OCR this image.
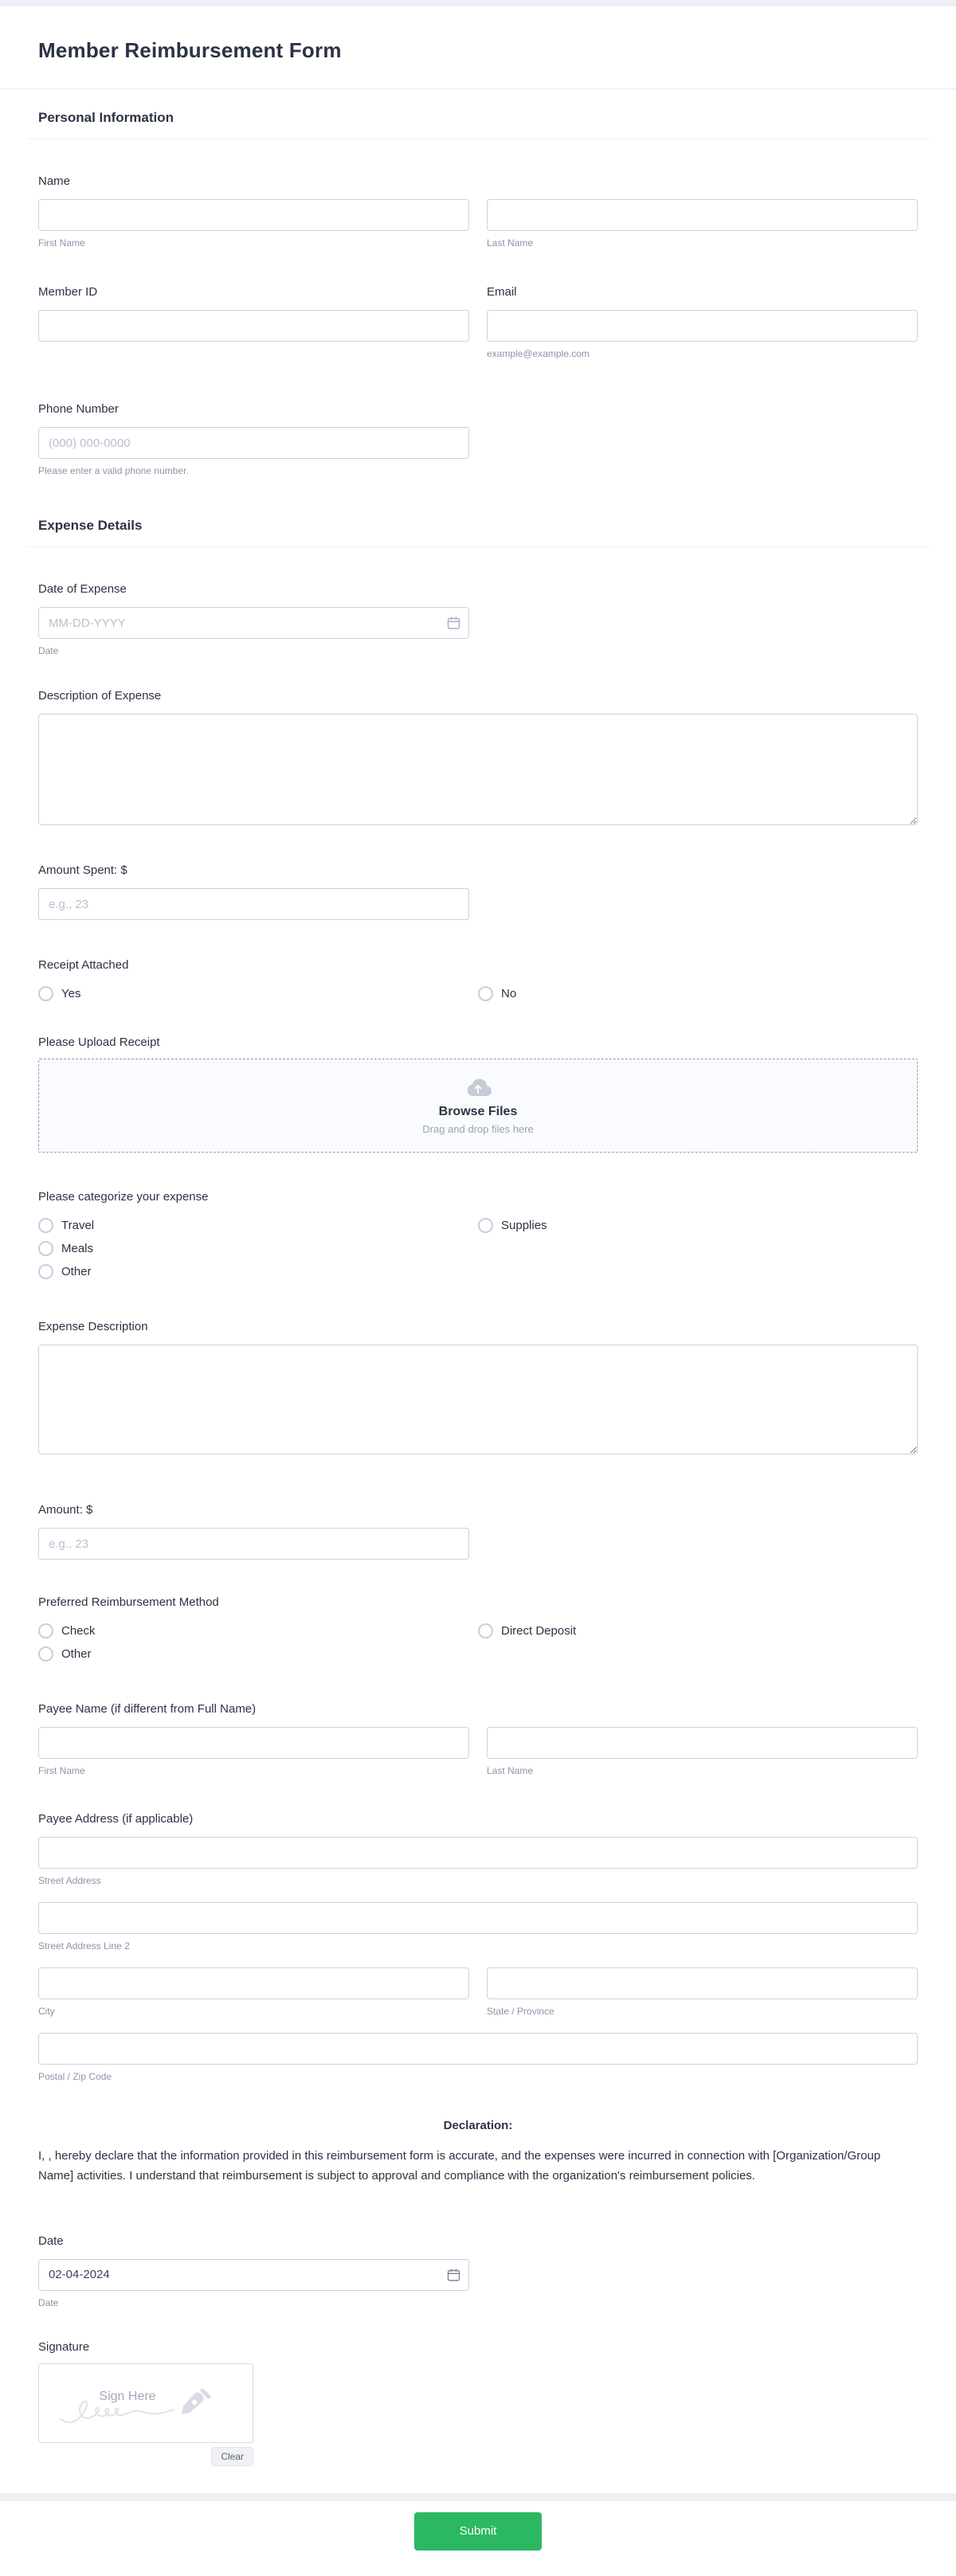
Member Reimbursement Form
Personal Information
Name
First Name	Last Name
Member ID	Email
example@example.com
Phone Number
(000) 000-0000
Please enter a valid phone number.
Expense Details
Date of Expense
MM-DD-YYYY
Date
Description of Expense
Amount Spent: $
e.g., 23
Receipt Attached
Yes	No
Please Upload Receipt
Browse Files
Drag and drop files here
Please categorize your expense
Travel
Meals
Other
Supplies
Expense Description
Amount: $
e.g., 23
Preferred Reimbursement Method
Check
Other
Direct Deposit
Payee Name (if different from Full Name)
First Name	Last Name
Payee Address (if applicable)
Street Address
Street Address Line 2
City	State / Province
Postal / Zip Code
Declaration:

I, , hereby declare that the information provided in this reimbursement form is accurate, and the expenses were incurred in connection with [Organization/Group Name] activities. I understand that reimbursement is subject to approval and compliance with the organization's reimbursement policies.

Date
02-04-2024
Date
Signature
Sign Here
Clear
Submit
